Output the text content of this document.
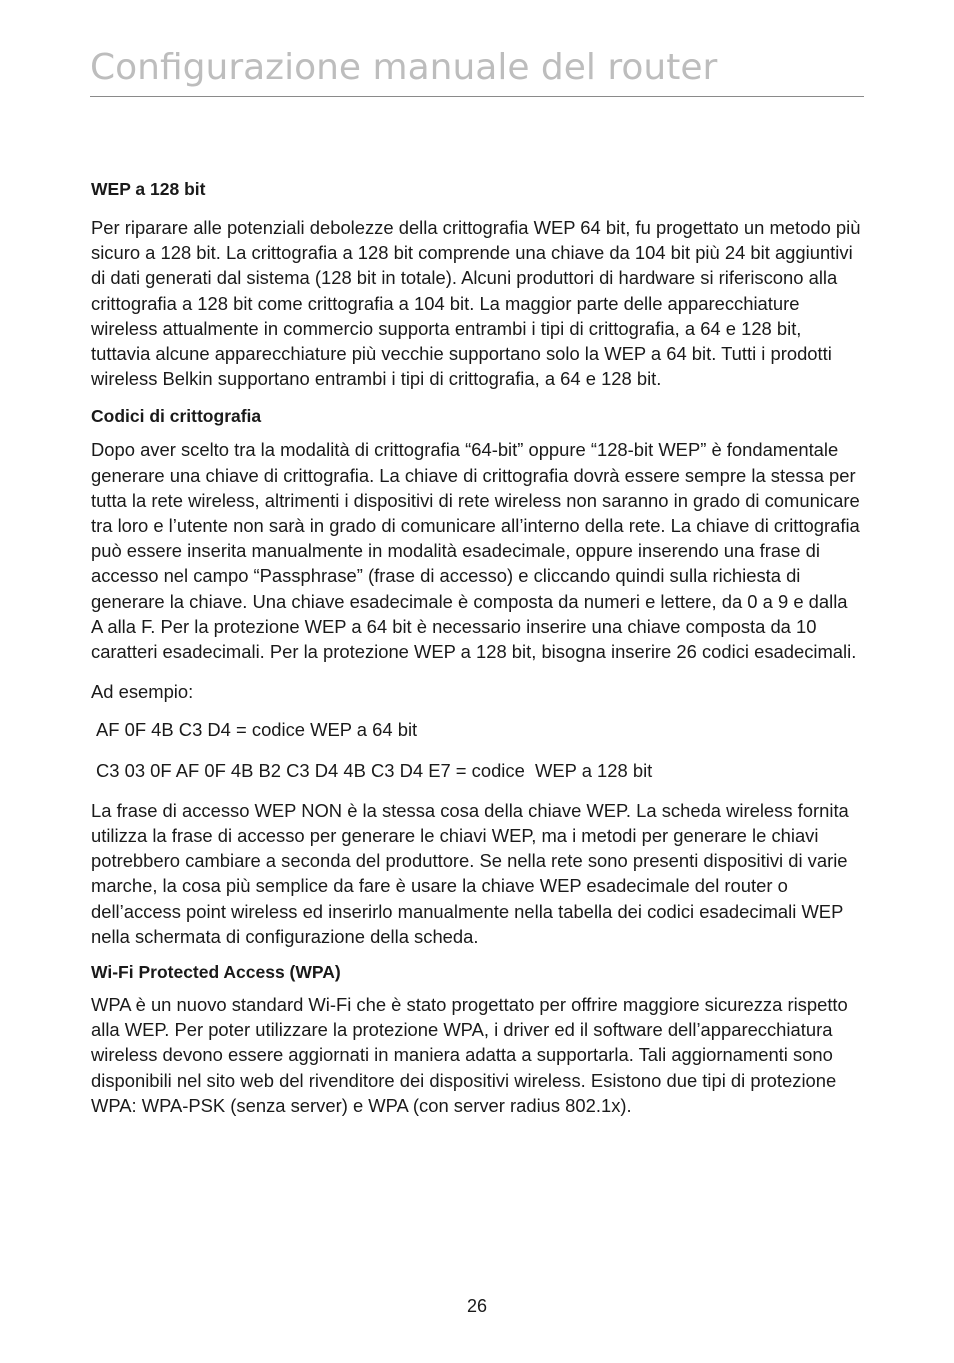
Configurazione manuale del router
WEP a 128 bit

Per riparare alle potenziali debolezze della crittografia WEP 64 bit, fu progettato un metodo più sicuro a 128 bit. La crittografia a 128 bit comprende una chiave da 104 bit più 24 bit aggiuntivi di dati generati dal sistema (128 bit in totale). Alcuni produttori di hardware si riferiscono alla crittografia a 128 bit come crittografia a 104 bit. La maggior parte delle apparecchiature wireless attualmente in commercio supporta entrambi i tipi di crittografia, a 64 e 128 bit, tuttavia alcune apparecchiature più vecchie supportano solo la WEP a 64 bit. Tutti i prodotti wireless Belkin supportano entrambi i tipi di crittografia, a 64 e 128 bit.

Codici di crittografia

Dopo aver scelto tra la modalità di crittografia “64-bit” oppure “128-bit WEP” è fondamentale generare una chiave di crittografia. La chiave di crittografia dovrà essere sempre la stessa per tutta la rete wireless, altrimenti i dispositivi di rete wireless non saranno in grado di comunicare tra loro e l’utente non sarà in grado di comunicare all’interno della rete. La chiave di crittografia può essere inserita manualmente in modalità esadecimale, oppure inserendo una frase di accesso nel campo “Passphrase” (frase di accesso) e cliccando quindi sulla richiesta di generare la chiave. Una chiave esadecimale è composta da numeri e lettere, da 0 a 9 e dalla A alla F. Per la protezione WEP a 64 bit è necessario inserire una chiave composta da 10 caratteri esadecimali. Per la protezione WEP a 128 bit, bisogna inserire 26 codici esadecimali.

Ad esempio:

AF 0F 4B C3 D4 = codice WEP a 64 bit

C3 03 0F AF 0F 4B B2 C3 D4 4B C3 D4 E7 = codice  WEP a 128 bit

La frase di accesso WEP NON è la stessa cosa della chiave WEP. La scheda wireless fornita utilizza la frase di accesso per generare le chiavi WEP, ma i metodi per generare le chiavi potrebbero cambiare a seconda del produttore. Se nella rete sono presenti dispositivi di varie marche, la cosa più semplice da fare è usare la chiave WEP esadecimale del router o dell’access point wireless ed inserirlo manualmente nella tabella dei codici esadecimali WEP nella schermata di configurazione della scheda.

Wi-Fi Protected Access (WPA)

WPA è un nuovo standard Wi-Fi che è stato progettato per offrire maggiore sicurezza rispetto alla WEP. Per poter utilizzare la protezione WPA, i driver ed il software dell’apparecchiatura wireless devono essere aggiornati in maniera adatta a supportarla. Tali aggiornamenti sono disponibili nel sito web del rivenditore dei dispositivi wireless. Esistono due tipi di protezione WPA: WPA-PSK (senza server) e WPA (con server radius 802.1x).

26
